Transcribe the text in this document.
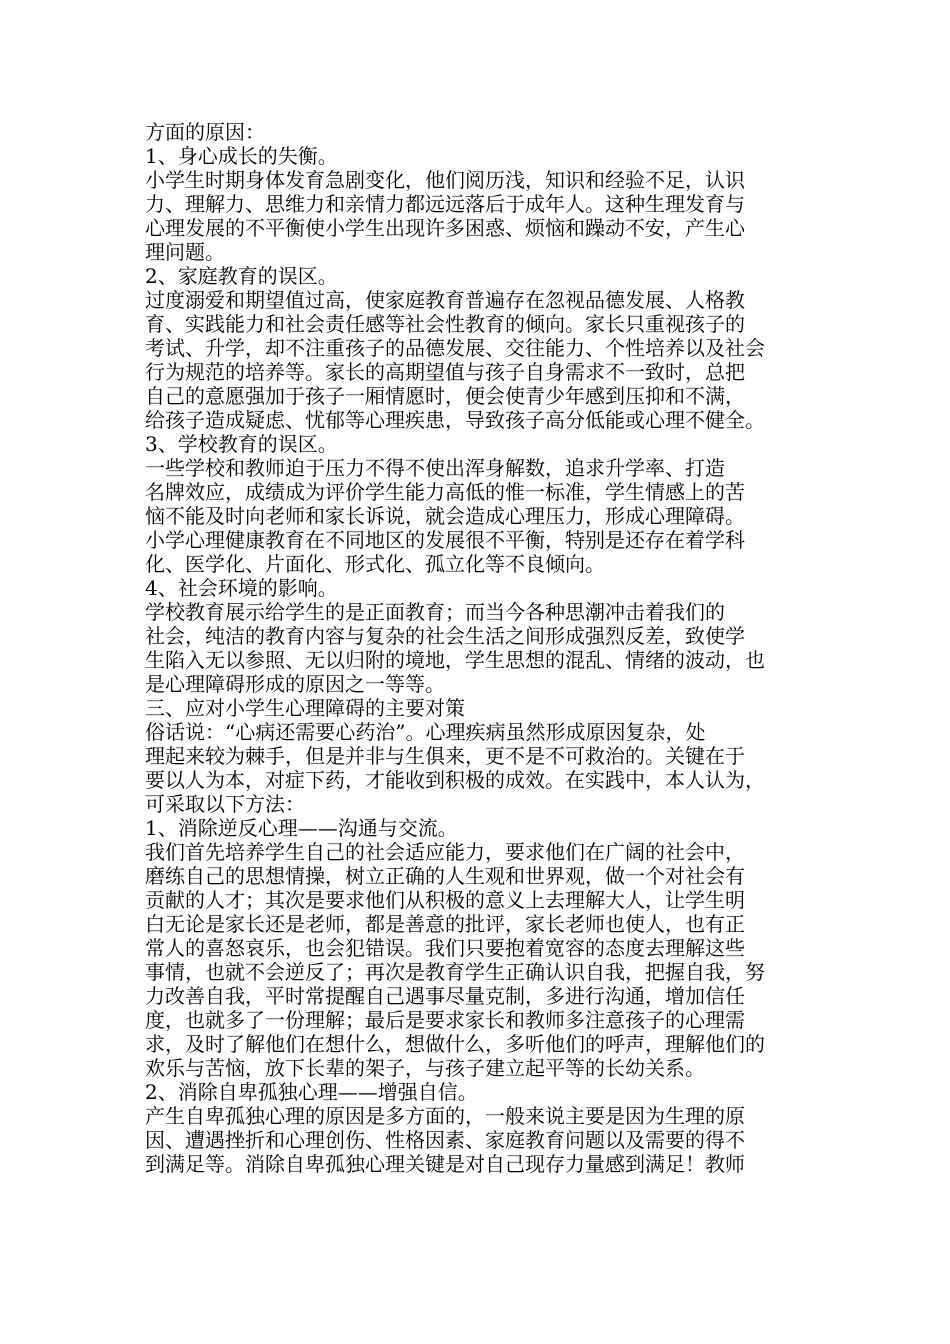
方面的原因：
1、身心成长的失衡。
小学生时期身体发育急剧变化，他们阅历浅，知识和经验不足，认识
力、理解力、思维力和亲情力都远远落后于成年人。这种生理发育与
心理发展的不平衡使小学生出现许多困惑、烦恼和躁动不安，产生心
理问题。
2、家庭教育的误区。
过度溺爱和期望值过高，使家庭教育普遍存在忽视品德发展、人格教
育、实践能力和社会责任感等社会性教育的倾向。家长只重视孩子的
考试、升学，却不注重孩子的品德发展、交往能力、个性培养以及社会
行为规范的培养等。家长的高期望值与孩子自身需求不一致时，总把
自己的意愿强加于孩子一厢情愿时，便会使青少年感到压抑和不满，
给孩子造成疑虑、忧郁等心理疾患，导致孩子高分低能或心理不健全。
3、学校教育的误区。
一些学校和教师迫于压力不得不使出浑身解数，追求升学率、打造
名牌效应，成绩成为评价学生能力高低的惟一标准，学生情感上的苦
恼不能及时向老师和家长诉说，就会造成心理压力，形成心理障碍。
小学心理健康教育在不同地区的发展很不平衡，特别是还存在着学科
化、医学化、片面化、形式化、孤立化等不良倾向。
4、社会环境的影响。
学校教育展示给学生的是正面教育；而当今各种思潮冲击着我们的
社会，纯洁的教育内容与复杂的社会生活之间形成强烈反差，致使学
生陷入无以参照、无以归附的境地，学生思想的混乱、情绪的波动，也
是心理障碍形成的原因之一等等。
三、应对小学生心理障碍的主要对策
俗话说：“心病还需要心药治”。心理疾病虽然形成原因复杂，处
理起来较为棘手，但是并非与生俱来，更不是不可救治的。关键在于
要以人为本，对症下药，才能收到积极的成效。在实践中，本人认为，
可采取以下方法：
1、消除逆反心理——沟通与交流。
我们首先培养学生自己的社会适应能力，要求他们在广阔的社会中，
磨练自己的思想情操，树立正确的人生观和世界观，做一个对社会有
贡献的人才；其次是要求他们从积极的意义上去理解大人，让学生明
白无论是家长还是老师，都是善意的批评，家长老师也使人，也有正
常人的喜怒哀乐，也会犯错误。我们只要抱着宽容的态度去理解这些
事情，也就不会逆反了；再次是教育学生正确认识自我，把握自我，努
力改善自我，平时常提醒自己遇事尽量克制，多进行沟通，增加信任
度，也就多了一份理解；最后是要求家长和教师多注意孩子的心理需
求，及时了解他们在想什么，想做什么，多听他们的呼声，理解他们的
欢乐与苦恼，放下长辈的架子，与孩子建立起平等的长幼关系。
2、消除自卑孤独心理——增强自信。
产生自卑孤独心理的原因是多方面的，一般来说主要是因为生理的原
因、遭遇挫折和心理创伤、性格因素、家庭教育问题以及需要的得不
到满足等。消除自卑孤独心理关键是对自己现存力量感到满足！教师
